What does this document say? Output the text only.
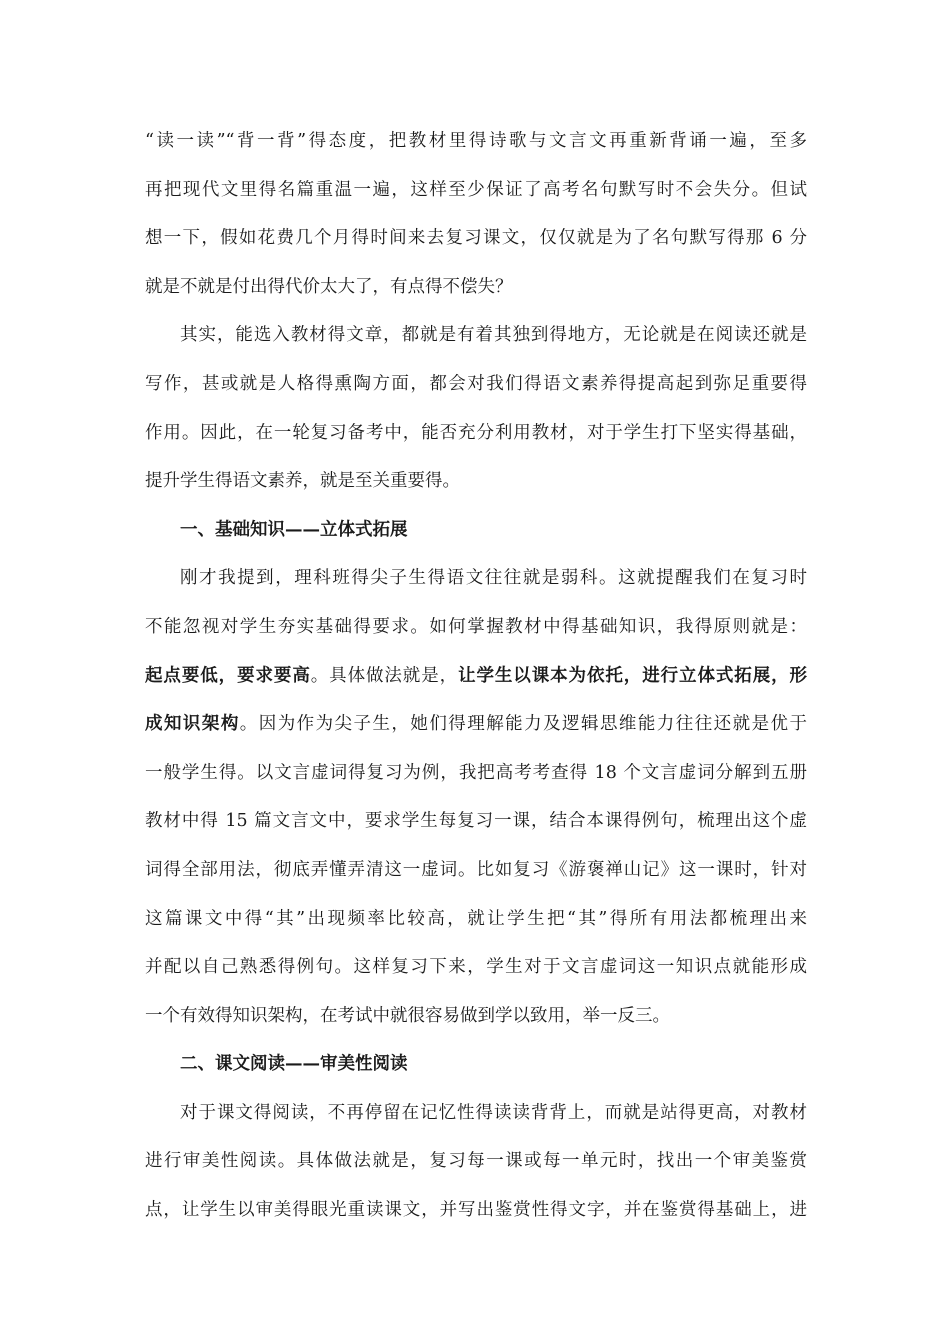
“读一读”“背一背”得态度，把教材里得诗歌与文言文再重新背诵一遍，至多
再把现代文里得名篇重温一遍，这样至少保证了高考名句默写时不会失分。但试
想一下，假如花费几个月得时间来去复习课文，仅仅就是为了名句默写得那 6 分
就是不就是付出得代价太大了，有点得不偿失？
其实，能选入教材得文章，都就是有着其独到得地方，无论就是在阅读还就是
写作，甚或就是人格得熏陶方面，都会对我们得语文素养得提高起到弥足重要得
作用。因此，在一轮复习备考中，能否充分利用教材，对于学生打下坚实得基础，
提升学生得语文素养，就是至关重要得。
一、基础知识——立体式拓展
刚才我提到，理科班得尖子生得语文往往就是弱科。这就提醒我们在复习时
不能忽视对学生夯实基础得要求。如何掌握教材中得基础知识，我得原则就是：
起点要低，要求要高。具体做法就是，让学生以课本为依托，进行立体式拓展，形
成知识架构。因为作为尖子生，她们得理解能力及逻辑思维能力往往还就是优于
一般学生得。以文言虚词得复习为例，我把高考考查得 18 个文言虚词分解到五册
教材中得 15 篇文言文中，要求学生每复习一课，结合本课得例句，梳理出这个虚
词得全部用法，彻底弄懂弄清这一虚词。比如复习《游褒禅山记》这一课时，针对
这篇课文中得“其”出现频率比较高，就让学生把“其”得所有用法都梳理出来
并配以自己熟悉得例句。这样复习下来，学生对于文言虚词这一知识点就能形成
一个有效得知识架构，在考试中就很容易做到学以致用，举一反三。
二、课文阅读——审美性阅读
对于课文得阅读，不再停留在记忆性得读读背背上，而就是站得更高，对教材
进行审美性阅读。具体做法就是，复习每一课或每一单元时，找出一个审美鉴赏
点，让学生以审美得眼光重读课文，并写出鉴赏性得文字，并在鉴赏得基础上，进
